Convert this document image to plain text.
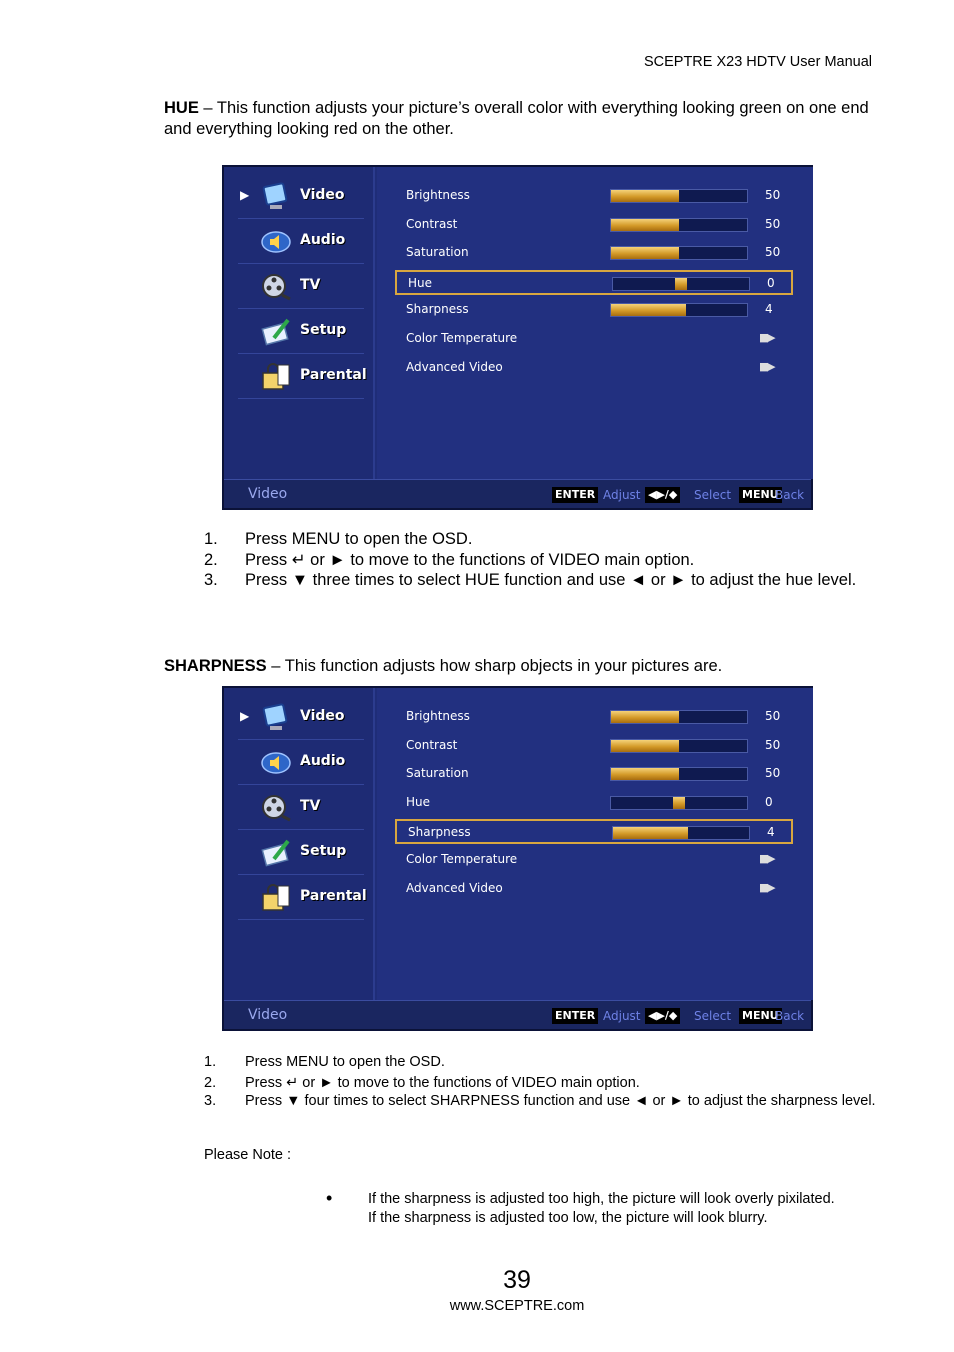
SCEPTRE X23 HDTV User Manual
HUE – This function adjusts your picture’s overall color with everything looking green on one end and everything looking red on the other.
▶	Video
Audio
TV
Setup
Parental
Brightness	50
Contrast	50
Saturation	50
Hue	0
Sharpness	4
Color Temperature	▮▮▶
Advanced Video	▮▮▶
Video	ENTER Adjust ◀▶/◆ Select MENU
Back
1.	Press MENU to open the OSD.
2.	Press ↵ or ► to move to the functions of VIDEO main option.
3.	Press ▼ three times to select HUE function and use ◄ or ► to adjust the hue level.
SHARPNESS – This function adjusts how sharp objects in your pictures are.
▶	Video
Audio
TV
Setup
Parental
Brightness	50
Contrast	50
Saturation	50
Hue	0
Sharpness	4
Color Temperature	▮▮▶
Advanced Video	▮▮▶
Video	ENTER Adjust ◀▶/◆ Select MENU
Back
1.	Press MENU to open the OSD.
2.	Press ↵ or ► to move to the functions of VIDEO main option.
3.	Press ▼ four times to select SHARPNESS function and use ◄ or ► to adjust the sharpness level.
Please Note :
•	If the sharpness is adjusted too high, the picture will look overly pixilated. If the sharpness is adjusted too low, the picture will look blurry.
39
www.SCEPTRE.com
